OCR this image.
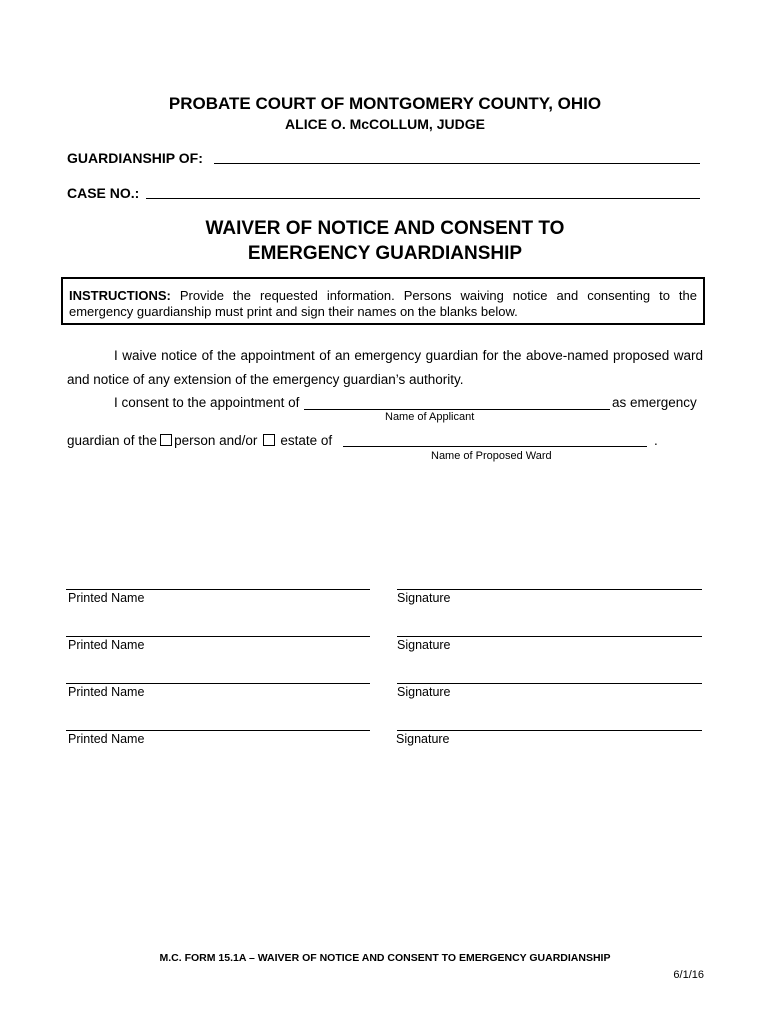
PROBATE COURT OF MONTGOMERY COUNTY, OHIO
ALICE O. McCOLLUM, JUDGE
GUARDIANSHIP OF:
CASE NO.:
WAIVER OF NOTICE AND CONSENT TO
EMERGENCY GUARDIANSHIP
INSTRUCTIONS: Provide the requested information. Persons waiving notice and consenting to the emergency guardianship must print and sign their names on the blanks below.
I waive notice of the appointment of an emergency guardian for the above-named proposed ward and notice of any extension of the emergency guardian’s authority.
I consent to the appointment of	as emergency
Name of Applicant
guardian of the person and/or estate of	.
Name of Proposed Ward
Printed Name	Signature
Printed Name	Signature
Printed Name	Signature
Printed Name	Signature
M.C. FORM 15.1A – WAIVER OF NOTICE AND CONSENT TO EMERGENCY GUARDIANSHIP
6/1/16
